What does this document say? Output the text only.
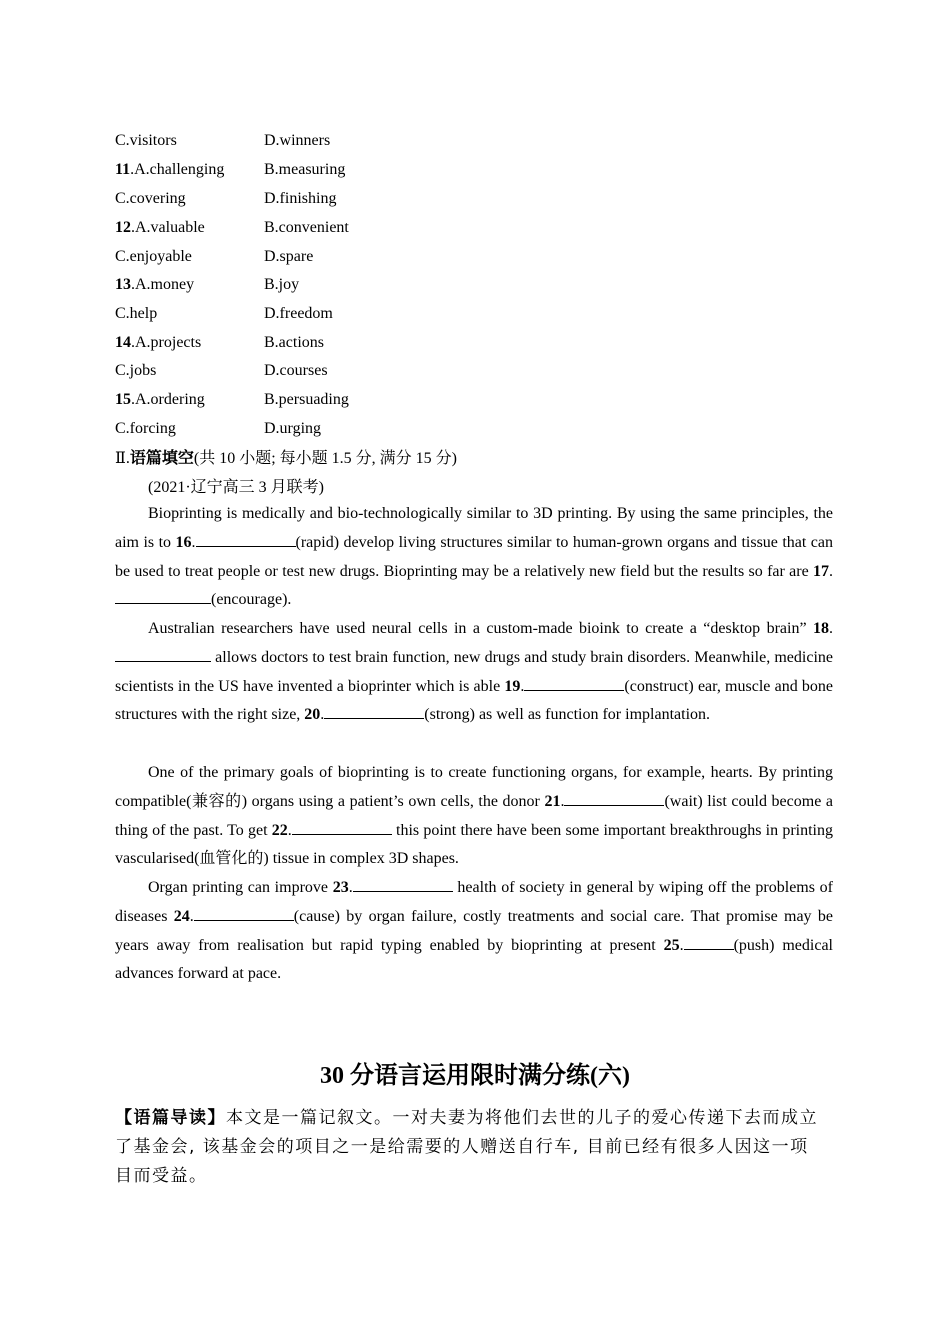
C.visitors	D.winners
11.A.challenging B.measuring
C.covering	D.finishing
12.A.valuable	B.convenient
C.enjoyable	D.spare
13.A.money	B.joy
C.help	D.freedom
14.A.projects	B.actions
C.jobs	D.courses
15.A.ordering	B.persuading
C.forcing	D.urging
Ⅱ.语篇填空(共 10 小题; 每小题 1.5 分, 满分 15 分)
(2021·辽宁高三 3 月联考)
Bioprinting is medically and bio-technologically similar to 3D printing. By using the same principles, the aim is to 16.	(rapid) develop living structures similar to human-grown organs and tissue that can be used to treat people or test new drugs. Bioprinting may be a relatively new field but the results so far are 17.(encourage).
Australian researchers have used neural cells in a custom-made bioink to create a “desktop brain” 18. allows doctors to test brain function, new drugs and study brain disorders. Meanwhile, medicine scientists in the US have invented a bioprinter which is able 19.	(construct) ear, muscle and bone structures with the right size, 20.	(strong) as well as function for implantation.
One of the primary goals of bioprinting is to create functioning organs, for example, hearts. By printing compatible(兼容的) organs using a patient’s own cells, the donor 21.	(wait) list could become a thing of the past. To get 22.	this point there have been some important breakthroughs in printing vascularised(血管化的) tissue in complex 3D shapes.
Organ printing can improve 23.	health of society in general by wiping off the problems of diseases 24.	(cause) by organ failure, costly treatments and social care. That promise may be years away from realisation but rapid typing enabled by bioprinting at present 25.	(push) medical advances forward at pace.
30 分语言运用限时满分练(六)
【语篇导读】本文是一篇记叙文。一对夫妻为将他们去世的儿子的爱心传递下去而成立了基金会, 该基金会的项目之一是给需要的人赠送自行车, 目前已经有很多人因这一项目而受益。
